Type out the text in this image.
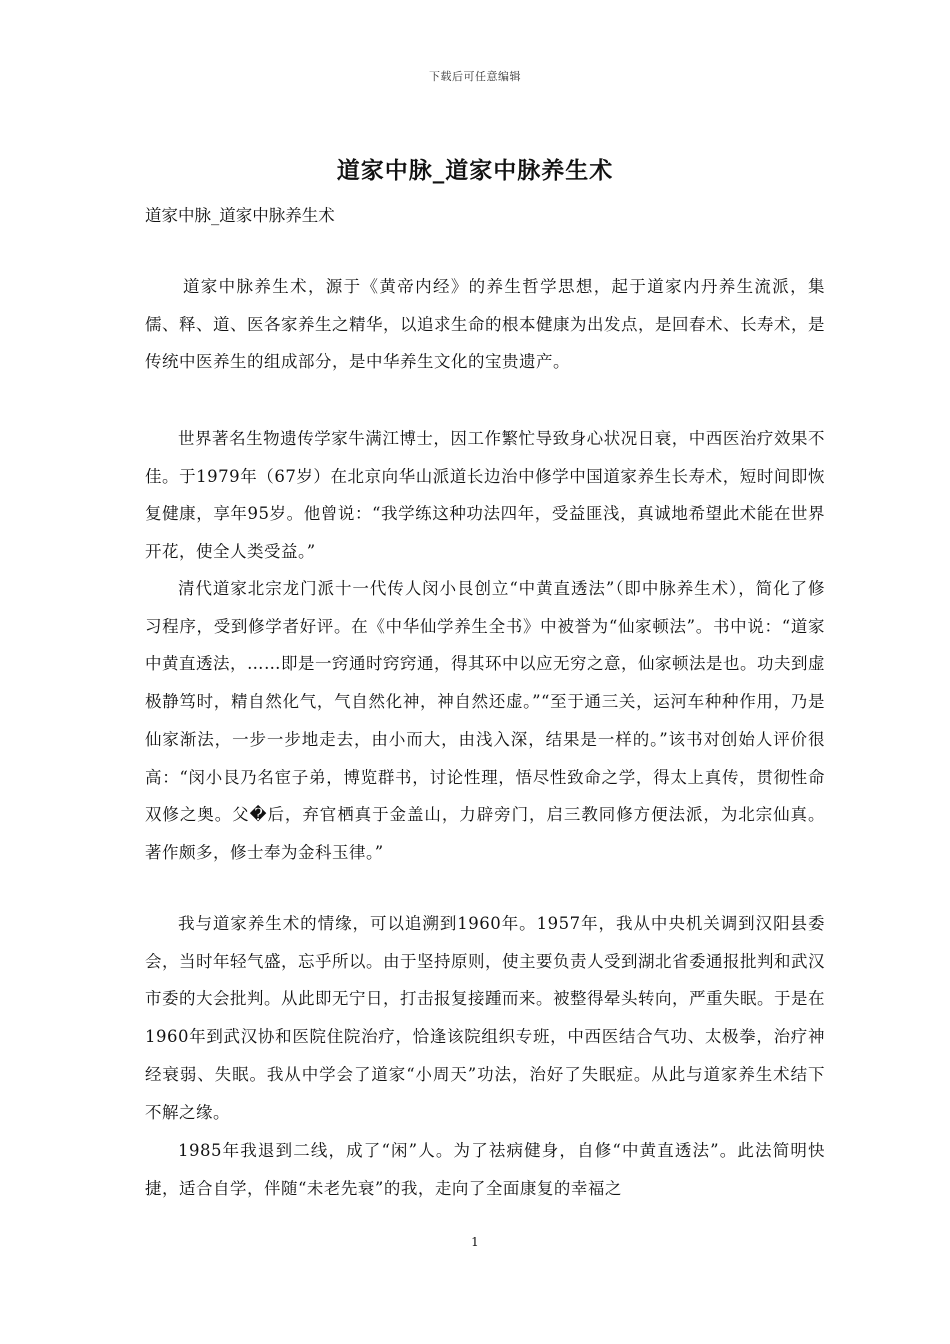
下载后可任意编辑
道家中脉_道家中脉养生术
道家中脉_道家中脉养生术

道家中脉养生术，源于《黄帝内经》的养生哲学思想，起于道家内丹养生流派，集儒、释、道、医各家养生之精华，以追求生命的根本健康为出发点，是回春术、长寿术，是传统中医养生的组成部分，是中华养生文化的宝贵遗产。

世界著名生物遗传学家牛满江博士，因工作繁忙导致身心状况日衰，中西医治疗效果不佳。于1979年（67岁）在北京向华山派道长边治中修学中国道家养生长寿术，短时间即恢复健康，享年95岁。他曾说：“我学练这种功法四年，受益匪浅，真诚地希望此术能在世界开花，使全人类受益。”

清代道家北宗龙门派十一代传人闵小艮创立“中黄直透法”（即中脉养生术），简化了修习程序，受到修学者好评。在《中华仙学养生全书》中被誉为“仙家顿法”。书中说：“道家中黄直透法，……即是一窍通时窍窍通，得其环中以应无穷之意，仙家顿法是也。功夫到虚极静笃时，精自然化气，气自然化神，神自然还虚。”“至于通三关，运河车种种作用，乃是仙家渐法，一步一步地走去，由小而大，由浅入深，结果是一样的。”该书对创始人评价很高：“闵小艮乃名宦子弟，博览群书，讨论性理，悟尽性致命之学，得太上真传，贯彻性命双修之奥。父�后，弃官栖真于金盖山，力辟旁门，启三教同修方便法派，为北宗仙真。著作颇多，修士奉为金科玉律。”

我与道家养生术的情缘，可以追溯到1960年。1957年，我从中央机关调到汉阳县委会，当时年轻气盛，忘乎所以。由于坚持原则，使主要负责人受到湖北省委通报批判和武汉市委的大会批判。从此即无宁日，打击报复接踵而来。被整得晕头转向，严重失眠。于是在1960年到武汉协和医院住院治疗，恰逢该院组织专班，中西医结合气功、太极拳，治疗神经衰弱、失眠。我从中学会了道家“小周天”功法，治好了失眠症。从此与道家养生术结下不解之缘。

1985年我退到二线，成了“闲”人。为了祛病健身，自修“中黄直透法”。此法简明快捷，适合自学，伴随“未老先衰”的我，走向了全面康复的幸福之

1
